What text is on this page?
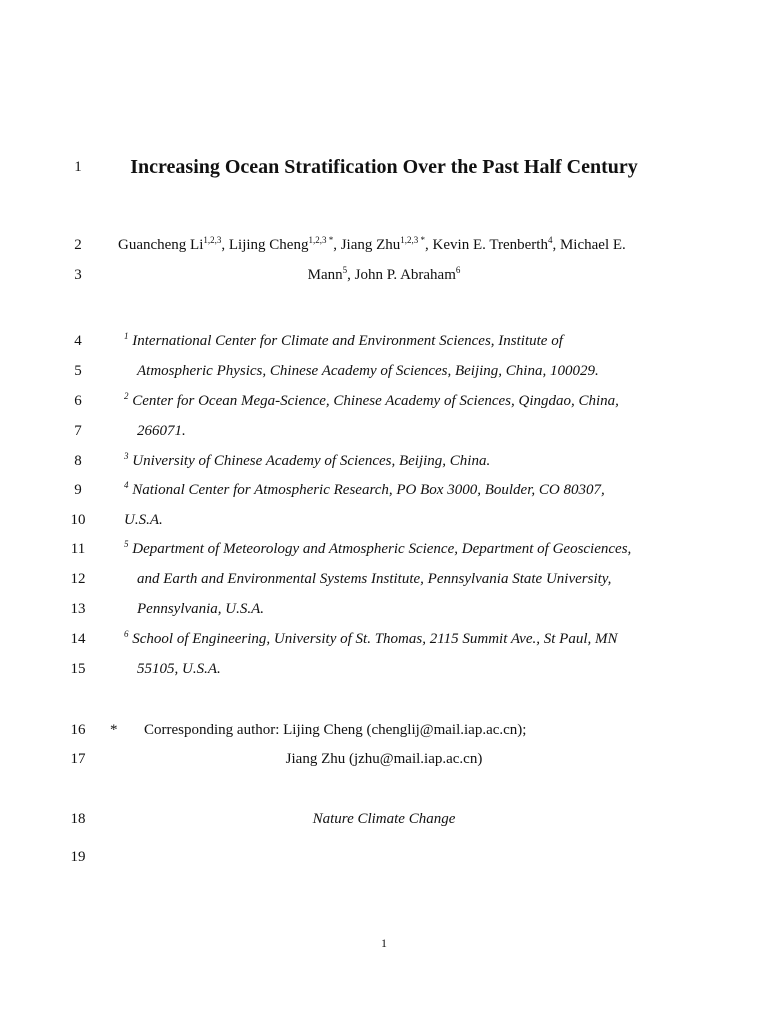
1
2
3
4
5
6
7
8
9
10
11
12
13
14
15
16
17
18
19
Increasing Ocean Stratification Over the Past Half Century
Guancheng Li$^{1,2,3}$, Lijing Cheng$^{1,2,3 *}$, Jiang Zhu$^{1,2,3 *}$, Kevin E. Trenberth$^4$, Michael E.
Mann$^5$, John P. Abraham$^6$
$^1$ International Center for Climate and Environment Sciences, Institute of
Atmospheric Physics, Chinese Academy of Sciences, Beijing, China, 100029.
$^2$ Center for Ocean Mega-Science, Chinese Academy of Sciences, Qingdao, China,
266071.
$^3$ University of Chinese Academy of Sciences, Beijing, China.
$^4$ National Center for Atmospheric Research, PO Box 3000, Boulder, CO 80307,
U.S.A.
$^5$ Department of Meteorology and Atmospheric Science, Department of Geosciences,
and Earth and Environmental Systems Institute, Pennsylvania State University,
Pennsylvania, U.S.A.
$^6$ School of Engineering, University of St. Thomas, 2115 Summit Ave., St Paul, MN
55105, U.S.A.
* Corresponding author: Lijing Cheng (chenglij@mail.iap.ac.cn);
Jiang Zhu (jzhu@mail.iap.ac.cn)
Nature Climate Change
1
